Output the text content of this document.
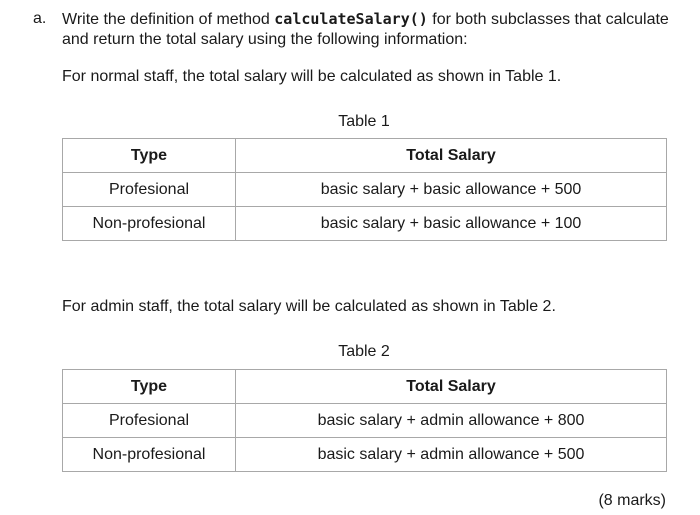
a. Write the definition of method calculateSalary() for both subclasses that calculate
and return the total salary using the following information:
For normal staff, the total salary will be calculated as shown in Table 1.
Table 1
Type	Total Salary
Profesional	basic salary + basic allowance + 500
Non-profesional	basic salary + basic allowance + 100
For admin staff, the total salary will be calculated as shown in Table 2.
Table 2
Type	Total Salary
Profesional	basic salary + admin allowance + 800
Non-profesional	basic salary + admin allowance + 500
(8 marks)
